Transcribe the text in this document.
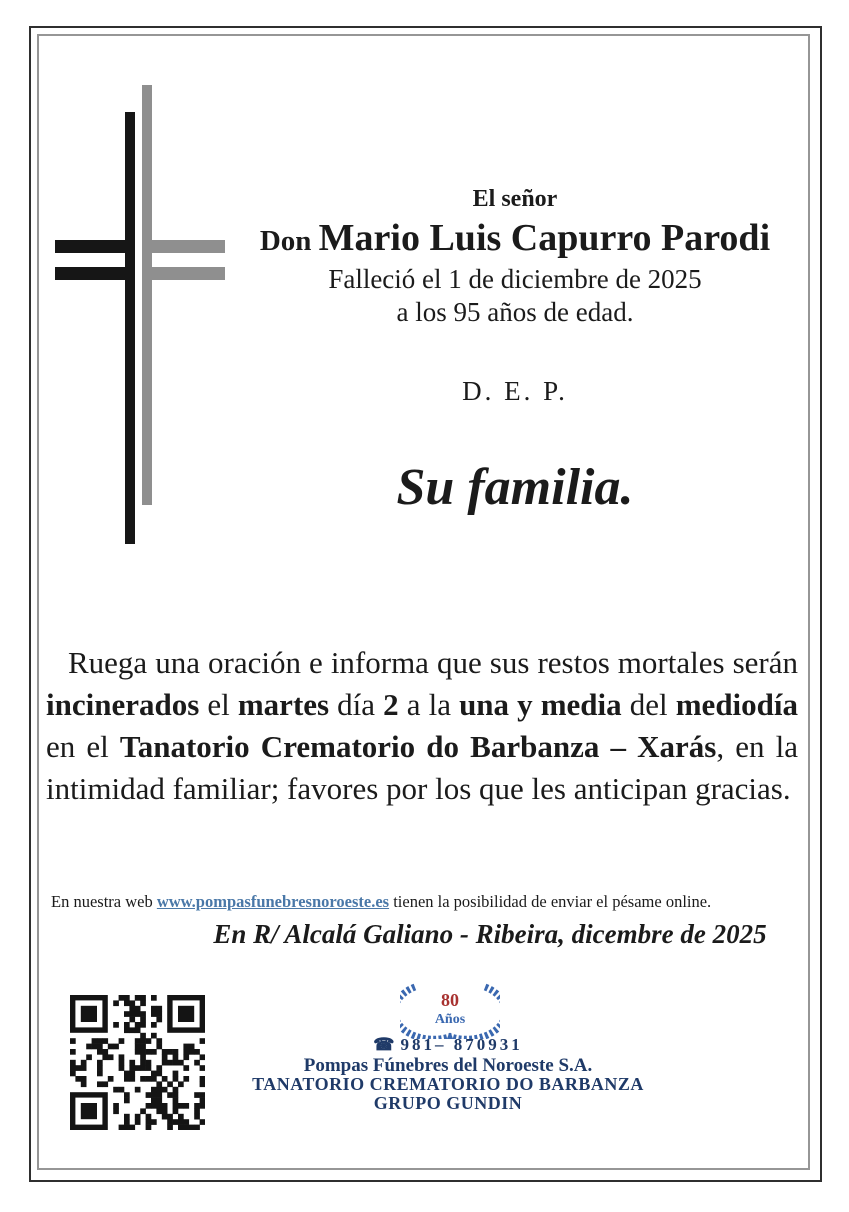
El señor
Don Mario Luis Capurro Parodi
Falleció el 1 de diciembre de 2025
a los 95 años de edad.
D. E. P.
Su familia.
Ruega una oración e informa que sus restos mortales serán incinerados el martes día 2 a la una y media del mediodía en el Tanatorio Crematorio do Barbanza – Xarás, en la intimidad familiar; favores por los que les anticipan gracias.
En nuestra web www.pompasfunebresnoroeste.es tienen la posibilidad de enviar el pésame online.
En R/ Alcalá Galiano - Ribeira, dicembre de 2025
80
Años
☎ 981– 870931
Pompas Fúnebres del Noroeste S.A.
TANATORIO CREMATORIO DO BARBANZA
GRUPO GUNDIN
